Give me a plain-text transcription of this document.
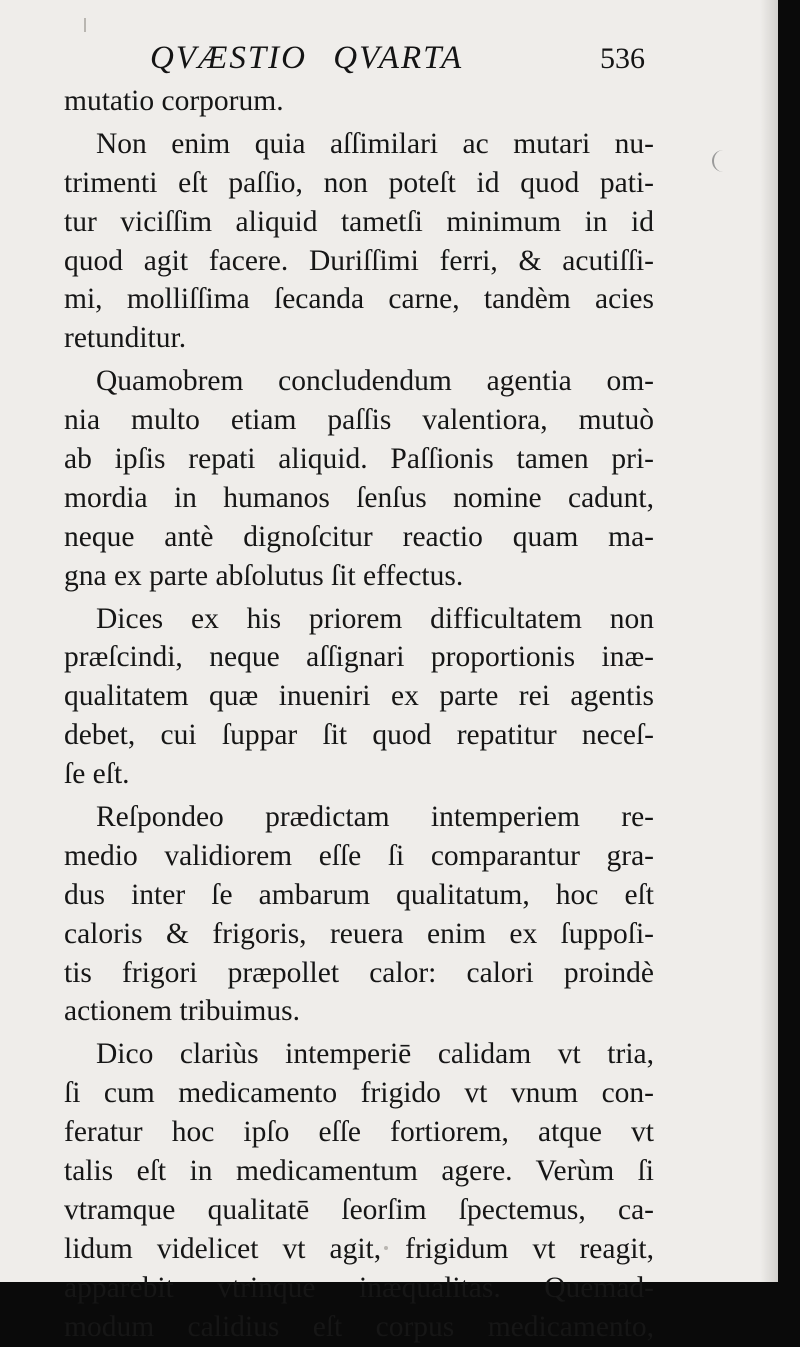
QVÆSTIO QVARTA	536
mutatio corporum.
Non enim quia aſſimilari ac mutari nu-
trimenti eſt paſſio, non poteſt id quod pati-
tur viciſſim aliquid tametſi minimum in id
quod agit facere. Duriſſimi ferri, & acutiſſi-
mi, molliſſima ſecanda carne, tandèm acies
retunditur.
Quamobrem concludendum agentia om-
nia multo etiam paſſis valentiora, mutuò
ab ipſis repati aliquid. Paſſionis tamen pri-
mordia in humanos ſenſus nomine cadunt,
neque antè dignoſcitur reactio quam ma-
gna ex parte abſolutus ſit effectus.
Dices ex his priorem difficultatem non
præſcindi, neque aſſignari proportionis inæ-
qualitatem quæ inueniri ex parte rei agentis
debet, cui ſuppar ſit quod repatitur neceſ-
ſe eſt.
Reſpondeo prædictam intemperiem re-
medio validiorem eſſe ſi comparantur gra-
dus inter ſe ambarum qualitatum, hoc eſt
caloris & frigoris, reuera enim ex ſuppoſi-
tis frigori præpollet calor: calori proindè
actionem tribuimus.
Dico clariùs intemperiē calidam vt tria,
ſi cum medicamento frigido vt vnum con-
feratur hoc ipſo eſſe fortiorem, atque vt
talis eſt in medicamentum agere. Verùm ſi
vtramque qualitatē ſeorſim ſpectemus, ca-
lidum videlicet vt agit, frigidum vt reagit,
apparebit vtrinque inæqualitas. Quemad-
modum calidius eſt corpus medicamento,
